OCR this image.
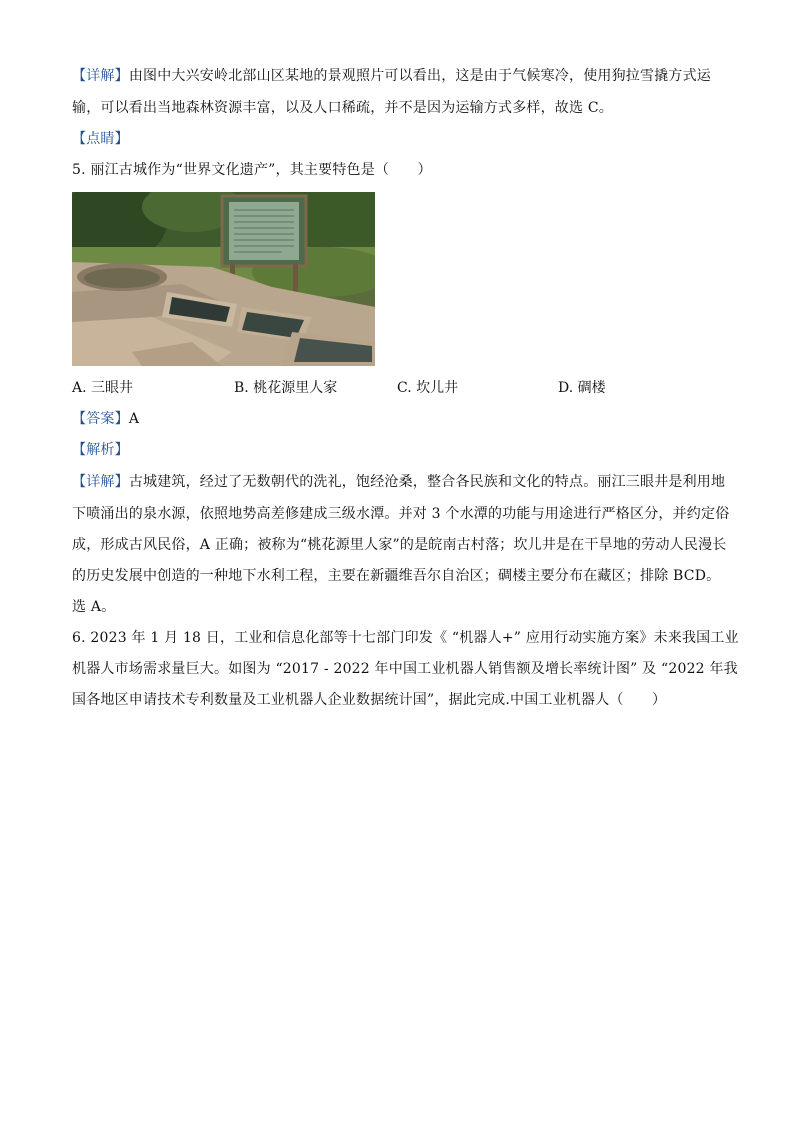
【详解】由图中大兴安岭北部山区某地的景观照片可以看出，这是由于气候寒冷，使用狗拉雪撬方式运
输，可以看出当地森林资源丰富，以及人口稀疏，并不是因为运输方式多样，故选 C。
【点睛】
5. 丽江古城作为“世界文化遗产”，其主要特色是（　　）
A. 三眼井	B. 桃花源里人家	C. 坎儿井	D. 碉楼
【答案】A
【解析】
【详解】古城建筑，经过了无数朝代的洗礼，饱经沧桑，整合各民族和文化的特点。丽江三眼井是利用地
下喷涌出的泉水源，依照地势高差修建成三级水潭。并对 3 个水潭的功能与用途进行严格区分，并约定俗
成，形成古风民俗，A 正确；被称为“桃花源里人家”的是皖南古村落；坎儿井是在干旱地的劳动人民漫长
的历史发展中创造的一种地下水利工程，主要在新疆维吾尔自治区；碉楼主要分布在藏区；排除 BCD。
选 A。
6. 2023 年 1 月 18 日，工业和信息化部等十七部门印发《 “机器人+” 应用行动实施方案》未来我国工业
机器人市场需求量巨大。如图为 “2017 - 2022 年中国工业机器人销售额及增长率统计图” 及 “2022 年我
国各地区申请技术专利数量及工业机器人企业数据统计国”，据此完成.中国工业机器人（　　）
